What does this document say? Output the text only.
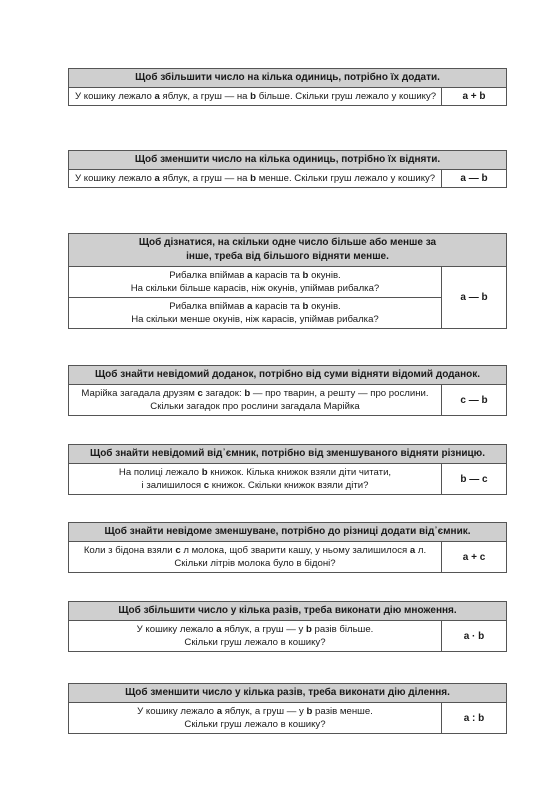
Щоб збільшити число на кілька одиниць, потрібно їх додати.
У кошику лежало a яблук, а груш — на b більше. Скільки груш лежало у кошику?	a + b
Щоб зменшити число на кілька одиниць, потрібно їх відняти.
У кошику лежало a яблук, а груш — на b менше. Скільки груш лежало у кошику?	a — b
Щоб дізнатися, на скільки одне число більше або менше за інше, треба від більшого відняти менше.
Рибалка впіймав a карасів та b окунів.
На скільки більше карасів, ніж окунів, упіймав рибалка?
Рибалка впіймав a карасів та b окунів.
На скільки менше окунів, ніж карасів, упіймав рибалка?
a — b
Щоб знайти невідомий доданок, потрібно від суми відняти відомий доданок.
Марійка загадала друзям c загадок: b — про тварин, а решту — про рослини.
Скільки загадок про рослини загадала Марійка
c — b
Щоб знайти невідомий від᾽ємник, потрібно від зменшуваного відняти різницю.
На полиці лежало b книжок. Кілька книжок взяли діти читати,
і залишилося c книжок. Скільки книжок взяли діти?
b — c
Щоб знайти невідоме зменшуване, потрібно до різниці додати від᾽ємник.
Коли з бідона взяли c л молока, щоб зварити кашу, у ньому залишилося a л.
Скільки літрів молока було в бідоні?
a + c
Щоб збільшити число у кілька разів, треба виконати дію множення.
У кошику лежало a яблук, а груш — у b разів більше.
Скільки груш лежало в кошику?
a · b
Щоб зменшити число у кілька разів, треба виконати дію ділення.
У кошику лежало a яблук, а груш — у b разів менше.
Скільки груш лежало в кошику?
a : b
